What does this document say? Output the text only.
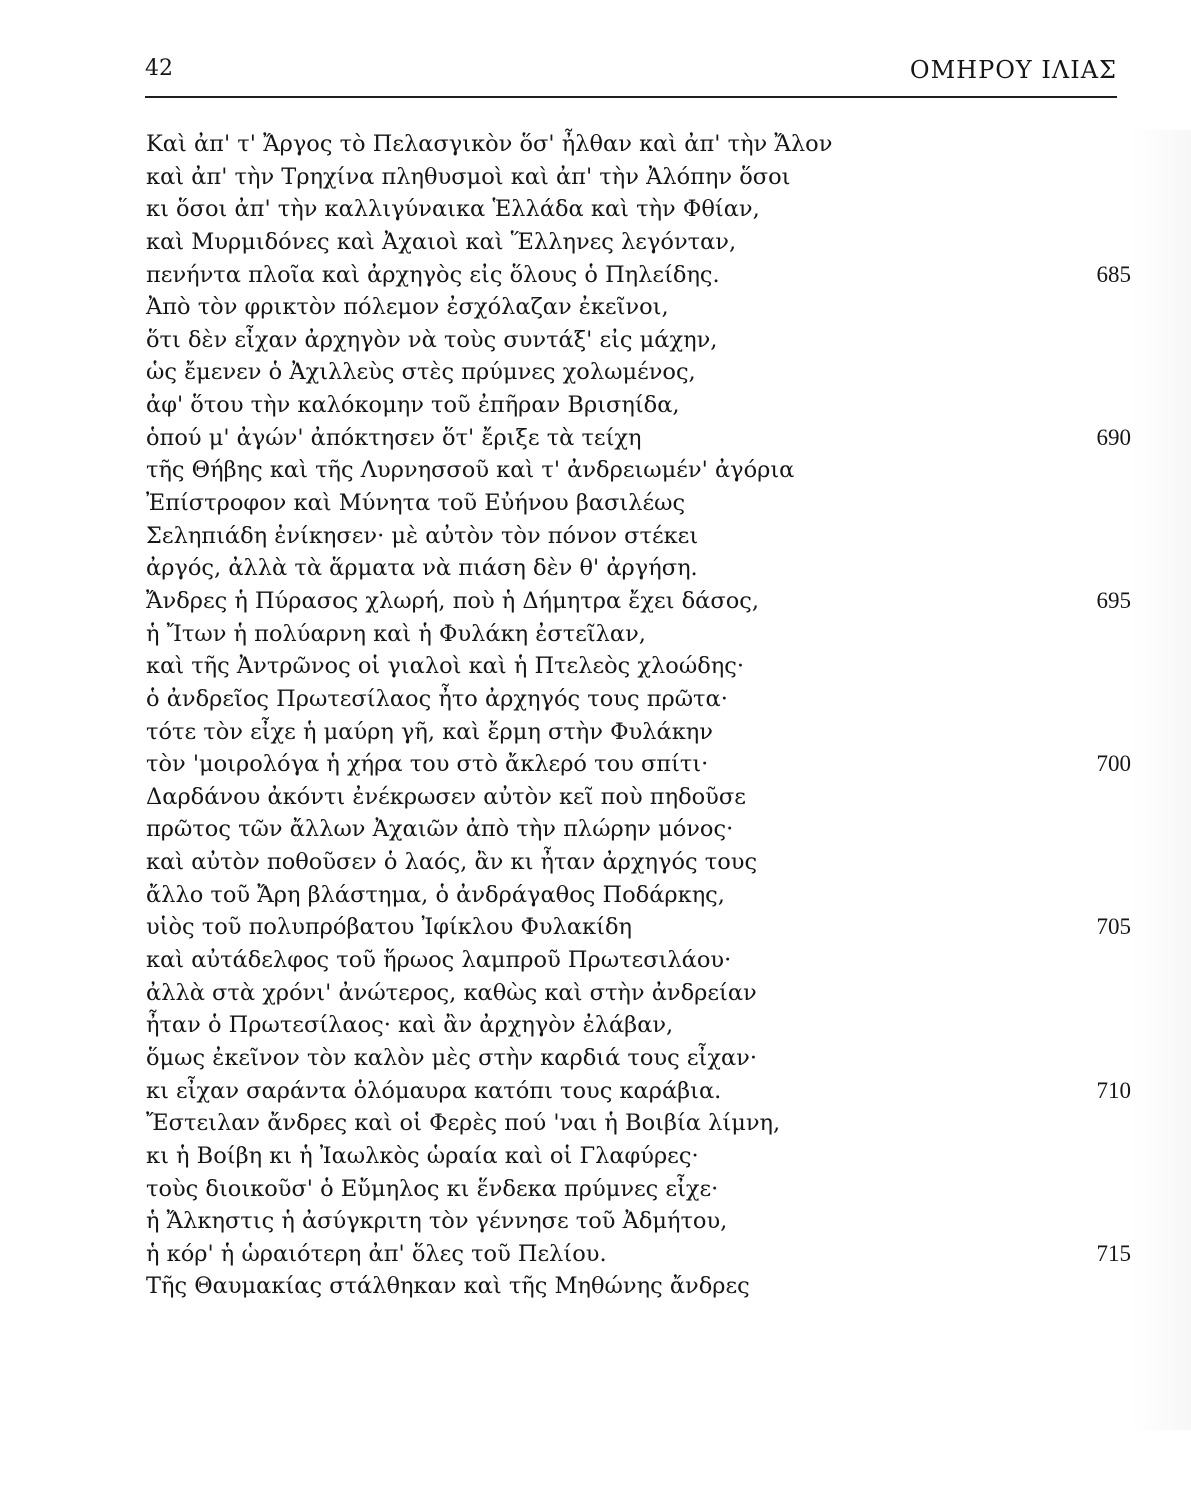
42	ΟΜΗΡΟΥ ΙΛΙΑΣ
Καὶ ἀπ' τ' Ἄργος τὸ Πελασγικὸν ὅσ' ἦλθαν καὶ ἀπ' τὴν Ἄλον
καὶ ἀπ' τὴν Τρηχίνα πληθυσμοὶ καὶ ἀπ' τὴν Ἀλόπην ὅσοι
κι ὅσοι ἀπ' τὴν καλλιγύναικα Ἑλλάδα καὶ τὴν Φθίαν,
καὶ Μυρμιδόνες καὶ Ἀχαιοὶ καὶ Ἕλληνες λεγόνταν,
πενήντα πλοῖα καὶ ἀρχηγὸς εἰς ὅλους ὁ Πηλείδης.	685
Ἀπὸ τὸν φρικτὸν πόλεμον ἐσχόλαζαν ἐκεῖνοι,
ὅτι δὲν εἶχαν ἀρχηγὸν νὰ τοὺς συντάξ' εἰς μάχην,
ὡς ἔμενεν ὁ Ἀχιλλεὺς στὲς πρύμνες χολωμένος,
ἀφ' ὅτου τὴν καλόκομην τοῦ ἐπῆραν Βρισηίδα,
ὁπού μ' ἀγών' ἀπόκτησεν ὅτ' ἔριξε τὰ τείχη	690
τῆς Θήβης καὶ τῆς Λυρνησσοῦ καὶ τ' ἀνδρειωμέν' ἀγόρια
Ἐπίστροφον καὶ Μύνητα τοῦ Εὐήνου βασιλέως
Σεληπιάδη ἐνίκησεν· μὲ αὐτὸν τὸν πόνον στέκει
ἀργός, ἀλλὰ τὰ ἅρματα νὰ πιάση δὲν θ' ἀργήση.
Ἄνδρες ἡ Πύρασος χλωρή, ποὺ ἡ Δήμητρα ἔχει δάσος,	695
ἡ Ἴτων ἡ πολύαρνη καὶ ἡ Φυλάκη ἐστεῖλαν,
καὶ τῆς Ἀντρῶνος οἱ γιαλοὶ καὶ ἡ Πτελεὸς χλοώδης·
ὁ ἀνδρεῖος Πρωτεσίλαος ἦτο ἀρχηγός τους πρῶτα·
τότε τὸν εἶχε ἡ μαύρη γῆ, καὶ ἔρμη στὴν Φυλάκην
τὸν 'μοιρολόγα ἡ χήρα του στὸ ἄκλερό του σπίτι·	700
Δαρδάνου ἀκόντι ἐνέκρωσεν αὐτὸν κεῖ ποὺ πηδοῦσε
πρῶτος τῶν ἄλλων Ἀχαιῶν ἀπὸ τὴν πλώρην μόνος·
καὶ αὐτὸν ποθοῦσεν ὁ λαός, ἂν κι ἦταν ἀρχηγός τους
ἄλλο τοῦ Ἄρη βλάστημα, ὁ ἀνδράγαθος Ποδάρκης,
υἱὸς τοῦ πολυπρόβατου Ἰφίκλου Φυλακίδη	705
καὶ αὐτάδελφος τοῦ ἥρωος λαμπροῦ Πρωτεσιλάου·
ἀλλὰ στὰ χρόνι' ἀνώτερος, καθὼς καὶ στὴν ἀνδρείαν
ἦταν ὁ Πρωτεσίλαος· καὶ ἂν ἀρχηγὸν ἐλάβαν,
ὅμως ἐκεῖνον τὸν καλὸν μὲς στὴν καρδιά τους εἶχαν·
κι εἶχαν σαράντα ὁλόμαυρα κατόπι τους καράβια.	710
Ἔστειλαν ἄνδρες καὶ οἱ Φερὲς πού 'ναι ἡ Βοιβία λίμνη,
κι ἡ Βοίβη κι ἡ Ἰαωλκὸς ὡραία καὶ οἱ Γλαφύρες·
τοὺς διοικοῦσ' ὁ Εὔμηλος κι ἕνδεκα πρύμνες εἶχε·
ἡ Ἄλκηστις ἡ ἀσύγκριτη τὸν γέννησε τοῦ Ἀδμήτου,
ἡ κόρ' ἡ ὡραιότερη ἀπ' ὅλες τοῦ Πελίου.	715
Τῆς Θαυμακίας στάλθηκαν καὶ τῆς Μηθώνης ἄνδρες
